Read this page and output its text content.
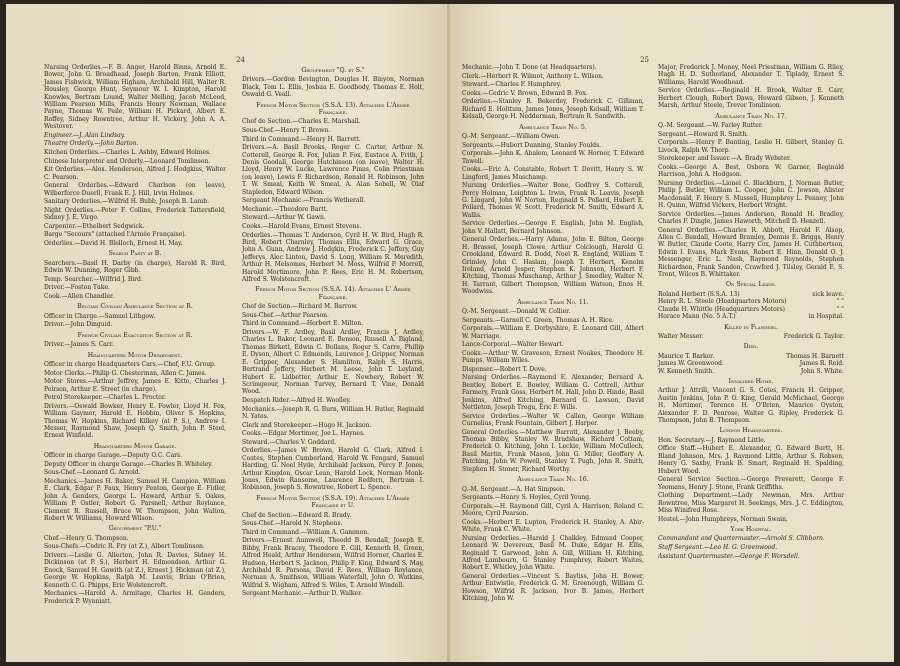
24

Nursing Orderlies.—F. B. Anger, Harold Binns, Arnold E. Bower, John G. Broadhead, Joseph Barton, Frank Elliott, James Fishwick, William Higham, Archibald Hill, Walter R. Housley, George Hunt, Seymour W. I. Kimpton, Harold Knowles, Bertram Lound, Walter Melling, Jacob McLeod, William Pearson Mills, Francis Henry Newman, Wallace Payne, Thomas W. Peile, William H. Pickard, Albert E. Roffey, Sidney Rowntree, Arthur H. Vickery, John A. A. Westover.

Engineer.—J. Alan Lindsay.

Theatre Orderly.—John Barton.

Kitchen Orderlies.—Charles L. Ashby, Edward Holmes.

Chinese Interpreter and Orderly.—Leonard Tomlinson.

Kit Orderlies.—Alex. Henderson, Alfred J. Hodgkiss, Walter C. Pearson.

General Orderlies.—Edward Charlson (on leave), Wilberforce Duerll, Frank E. J. Hill, Irvin Holmes.

Sanitary Orderlies.—Wilfrid H. Bubb, Joseph B. Lamb.

Night Orderlies.—Peter F. Collins, Frederick Tattersfield, Sidney J. E. Virgo.

Carpenter.—Ethelbert Sedgwick.

Barge "Secours" (attached l'Armée Française).

Orderlies.—David H. Blelloch, Ernest H. May.

Search Party at B.

Searchers.—Basil H. Darby (in charge), Harold R. Bird, Edwin W. Dunning, Roger Gibb.

Temp. Searcher.—Wilfrid J. Bird.

Driver.—Foston Tuke.

Cook.—Allen Chandler.

Belgian Civilian Ambulance Section at R.

Officer in Charge.—Samuel Lithgow.

Driver.—John Dinguid.

French Civilian Evacuation Section at R.

Driver.—James S. Carr.

Headquarters Motor Department.

Officer in charge Headquarters Cars.—Chef, F.U. Group.

Motor Clerks.—Philip G. Chesterman, Allen C. James.

Motor Stores.—Arthur Jeffrey, James E. Kitto, Charles J. Peirson, Arthur E. Street (in charge).

Petrol Storekeeper.—Charles L. Proctor.

Drivers.—Oswald Bowker, Henry E. Fowler, Lloyd H. Fox, William Gaymer, Harold E. Hobbin, Oliver S. Hopkins, Thomas W. Hopkins, Richard Kilkey (at P. S.), Andrew I. Messer, Raymond Shaw, Joseph Q. Smith, John P. Steel, Ernest Winfield.

Headquarters Motor Garage.

Officer in charge Garage.—Deputy O.C. Cars.

Deputy Officer in charge Garage.—Charles B. Whiteley.

Sous-Chef.—Leonard G. Arnold.

Mechanics.—James H. Baker, Samuel H. Campion, William E. Clark, Edgar P. Faux, Henry Penton, George E. Fidler, John A. Genders, George L. Haward, Arthur S. Oakes, William P. Ostler, Robert G. Parsnell, Arthur Roylance, Clement R. Russell, Bruce W. Thompson, John Walton, Robert W. Williams, Howard Wilson.

Groupement "P.U."

Chef.—Henry G. Thompson.

Sous-Chefs.—Cedric R. Fry (at Z.), Albert Tomlinson.

Drivers.—Leslie G. Allerton, John R. Davies, Sidney H. Dickinson (at P. S.), Herbert H. Edmondson, Arthur G. Enock, Samuel H. Gawith (at Z.), Ernest J. Hickman (at Z.), George W. Hopkins, Ralph M. Leavis, Brian O'Brien, Kenneth C. G. Phipps, Eric Wolstencroft.

Mechanics.—Harold A. Armitage, Charles H. Genders, Frederick P. Wynniatt.

Groupement "Q. et S."

Drivers.—Gordon Bevington, Douglas H. Binyon, Norman Black, Tom L. Ellis, Joshua E. Goodbody, Thomas E. Holt, Oswald G. Veall.

French Motor Section (S.S.A. 13). Attached L'Armée Française.

Chef de Section.—Charles E. Marshall.

Sous-Chef.—Henry T. Brown.

Third in Command.—Henry H. Barrett.

Drivers.—A. Basil Brooks, Roger C. Carter, Arthur N. Cotterell, George R. Fox, Julian P. Fox, Eustace A. Frith, J. Denis Goodall, George Hutchinson (on leave), Walter H. Lloyd, Henry W. Lucke, Lawrence Pinns, Colin Priestman (on leave), Lewis F. Richardson, Ronald H. Robinson, John T. W. Smeal, Keith W. Smeal, A. Alan Sobell, W. Olaf Stapledon, Edward Wilson.

Sergeant Mechanic.—Francis Wetherall.

Mechanic.—Theodore Bartt.

Steward.—Arthur W. Gawn.

Cooks.—Harold Evans, Ernest Stevens.

Orderlies.—Thomas T. Anderson, Cyril H. W. Bird, Hugh R. Bird, Robert Charnley, Thomas Ellis, Edward G. Grace, John A. Gunn, Andrew J. Hodgkin, Frederick C. Jeffery, Guy Jefferys, Alec Linton, David S. Long, William R. Meredith, Arthur H. Melsomes, Herbert M. Moss, Wilfrid P. Morrell, Harold Mortimore, John P. Rees, Eric H. M. Robertson, Alfred S. Wolstencroft.

French Motor Section (S.S.A. 14). Attached L' Armée Française.

Chef de Section.—Richard M. Barrow.

Sous-Chef.—Arthur Pearson.

Third in Command.—Herbert E. Milton.

Drivers.—W. F. Ardley, Basil Ardley, Francis J. Ardley, Charles L. Baker, Leonard E. Benson, Russell A. Bigland, Thomas Birkett, Edwin C. Bollans, Roger S. Carre, Phillip E. Dyson, Albert C. Edmonds, Laurence J. Gripper, Norman E. Gripper, Alexander S. Hamilton, Ralph S. Harris, Bertrand Jeffery, Herbert M. Leese, John T. Leyland, Hubert E. Lidbetter, Arthur E. Newbery, Robert W. Scrimgeour, Norman Turvey, Bernard T. Vine, Donald Wood.

Despatch Rider.—Alfred H. Woolley.

Mechanics.—Joseph R. G. Burn, William H. Butler, Reginald N. Yates.

Clerk and Storekeeper.—Hugo H. Jackson.

Cooks.—Edgar Mortimer, Joe L. Haynes.

Steward.—Charles V. Goddard.

Orderlies.—James W. Brown, Harold G. Clark, Alfred I. Coates, Stephen Cumberland, Harold W. Fengard, Samuel Harding, G. Noel Hyde, Archibald Jackson, Percy P. Jones, Arthur Kingdon, Oscar Lean, Harold Lock, Norman Monk-Jones, Edwin Ransome, Laurence Redfern, Bertram I. Robinson, Joseph S. Rowntree, Robert L. Spence.

French Motor Section (S.S.A. 19). Attached L'Armée Française et U.

Chef de Section.—Edward R. Brady.

Sous-Chef.—Harold N. Stephens.

Third in Command.—William A. Gammon.

Drivers.—Ernest Aumwell, Theodd B. Bendall, Joseph E. Bibby, Frank Bracey, Theodore E. Gill, Kenneth H. Green, Alfred Heald, Arthur Henderson, Wilfrid Horner, Charles E. Hudson, Herbert S. Jackson, Philip F. King, Edward S. May, Archibald R. Parsons, David F. Rees, William Roylance, Norman A. Smithson, William Waterfall, John O. Watkins, Wilfrid S. Wigham, Alfred S. Wiles, T. Arnold Windell.

Sergeant Mechanic.—Arthur D. Walker.

25

Mechanic.—John T. Done (at Headquarters).

Clerk.—Herbert R. Wilmot, Anthony L. Wilson.

Steward.—Charles F. Humphrey.

Cooks.—Cedric V. Brown, Edward B. Fox.

Orderlies.—Stanley R. Bekerdey, Frederick C. Gillman, Richard E. Holttum, James Jones, Joseph Kelsall, William T. Kelsall, George H. Nedderman, Bertram R. Sandwith.

Ambulance Train No. 5.

Q.-M. Sergeant.—William Owen.

Sergeants.—Hubert Dunning, Stanley Foulds.

Corporals.—John K. Abalem, Leonard W. Horner, T. Edward Tawell.

Cooks.—Eric A. Constable, Robert T. Devitt, Henry S. W. Lingford, James Muschamp.

Nursing Orderlies.—Walter Bone, Godfrey S. Cotterell, Percy Holman, Leighton L. Irwin, Frank R. Leavis, Joseph G. Lingard, John W. Norton, Reginald S. Pollard, Hubert E. Pollard, Thomas W. Scott, Frederick M. Smith, Edward A. Wallis.

Service Orderlies.—George F. English, John M. English, John V. Hallatt, Bernard Johnson.

General Orderlies.—Harry Adams, John E. Bilton, George H. Brassel, Joseph Clowe, Arthur Colclough, Harold G. Crookland, Edward R. Dodd, Noel R. England, William T. Grimley, John C. Haslam, Joseph T. Herbert, Kenelm Ireland, Arnold Jesper, Stephen K. Johnson, Herbert F. Kitching, Thomas Muschamp, Arthur J. Smedley, Walter N. H. Tarrant, Gilbert Thompson, William Watson, Enos H. Woodwiss.

Ambulance Train No. 11.

Q.-M. Sergeant.—Donald W. Collier.

Sergeants.—Garnell C. Green, Thomas A. H. Rice.

Corporals.—William E. Dorbyshire, E. Leonard Gill, Albert W. Marriage.

Lance-Corporal.—Walter Hewart.

Cooks.—Arthur W. Graveson, Ernest Noakes, Theodore H. Pumps, William Wiles.

Dispenser.—Robert T. Dove.

Nursing Orderlies.—Raymond E. Alexander, Bernard A. Bentley, Robert E. Bowley, William G. Cottrell, Arthur Farmery, Frank Goss, Herbert M. Hall, John D. Hinde, Basil Jenkins, Alfred Kitching, Bernard G. Lawson, David Nettleton, Joseph Tregu, Eric F. Wills.

Service Orderlies.—Walter W. Callen, George William Curnelius, Frank Fountain, Gilbert J. Harper.

General Orderlies.—Matthew Barratt, Alexander J. Beeby, Thomas Bibby, Stanley W. Bradshaw, Richard Cottam, Frederick O. Kitching, John I. Leckie, William McCulloch, Basil Martin, Frank Mason, John G. Miller, Geoffery A. Patching, John W. Powell, Stanley T. Pugh, John R. Smith, Stephen H. Stoner, Richard Worthy.

Ambulance Train No. 16.

Q.-M. Sergeant.—A. Hat Simpson.

Sergeants.—Henry S. Hoyles, Cyril Young.

Corporals.—H. Raymond Gill, Cyril A. Harrison, Roland C. Moore, Cyril Pearson.

Cooks.—Herbert E. Lupton, Frederick H. Stanley, A. Abir-White, Frank C. White.

Nursing Orderlies.—Harold J. Chalkley, Edmund Cooper, Leonard W. Devereux, Basil M. Duke, Edgar H. Ellis, Reginald T. Garwood, John A. Gill, William H. Kitching, Alfred Lambourn, G. Stanley Pumphrey, Robert Waites, Robert E. Whitley, John White.

General Orderlies.—Vincent S. Bayliss, John H. Bower, Arthur Entwistle, Frederick G. M. Greenough, William G. Howson, Wilfrid R. Jackson, Ivor B. James, Herbert Kitching, John W.

Major, Frederick J. Money, Noel Priestman, William G. Riley, Hugh H. D. Sutherland, Alexander T. Tiplady, Ernest S. Williams, Harold Woodhead.

Service Orderlies.—Reginald H. Brook, Walter E. Carr, Herbert Clough, Robert Daws, Howard Gibson, J. Kenneth Marsh, Arthur Steele, Trevor Tomlinson.

Ambulance Train No. 17.

Q.-M. Sergeant.—W. Farley Rutter.

Sergeant.—Howard R. Smith.

Corporals.—Henry P. Banting, Leslie H. Gilbert, Stanley G. Livock, Ralph W. Thorp.

Storekeeper and Issuer.—A. Brady Webster.

Cooks.—George A. Best, Osborn W. Garner, Reginald Harrison, John A. Hodgson.

Nursing Orderlies.—Lionel C. Blackburn, J. Norman Butler, Philip J. Butler, William L. Cooper, John C. Jewson, Alister Macdonald, F. Henry S. Mussell, Humphrey L. Penney, John H. Quinn, Wilfrid Vickers, Herbert Wright.

Service Orderlies.—James Anderson, Ronald H. Bradley, Charles F. Dingle, James Haworth, Mitchell D. Henzell.

General Orderlies.—Charles R. Abbott, Harold F. Alsop, Allen C. Bendall, Howard Bramley, Dennis E. Briggs, Henry W. Butler, Claude Coote, Harry Cox, James H. Cuthbertson, Edwin I. Evans, Mark Evans, Robert E. Hinn, Donald O. J. Messenger, Eric L. Nash, Raymond Reynolds, Stephen Richardson, Frank Sandon, Crawford J. Tilsley, Gerald E. S. Trent, Wilcox B. Whittaker.

On Special Leave.

Roland Herbert (S.S.A. 13)	sick leave.
Henry R. L. Steele (Headquarters Motors)	" "
Claude H. Whittle (Headquarters Motors)	" "
Horace Mann (No. 5 A.T.)	in Hospital.

Killed in Flanders.

Walter Messer.	Frederick G. Taylor.

Died.

Maurice T. Barker.	Thomas H. Barnett
James W. Greenwood.	James R. Reid.
W. Kenneth Smith.	John S. White.

Invalided Home.

Arthur J. Attrill, Vincent G. S. Cotes, Francis H. Gripper, Austin Jenkins, John P. O. King, Gerald McMichael, George H. Mortimer, Terence H. O'Brien, Maurice Oyston, Alexander F. D. Penrose, Walter G. Ripley, Frederick G. Thompson, John B. Thompson.

London Headquarters.

Hon. Secretary.—J. Raymond Little.

Office Staff.—Hubert E. Alexander, G. Edward Burtt, H. Bland Johnson, Mrs. J. Raymond Little, Arthur S. Robson, Henry G. Saxby, Frank B. Smart, Reginald H. Spalding, Hubert Wood.

General Service Section.—George Preverett, George F. Yeomans, Henry J. Stone, Frank Griffiths.

Clothing Department.—Lady Newman, Mrs. Arthur Rowntree, Miss Margaret H. Seekings, Mrs. J. C. Eddington, Miss Winifred Rose.

Hostel.—John Humphreys, Norman Swain.

York Hospital.

Commandant and Quartermaster.—Arnold S. Clibborn.

Staff Sergeant.—Leo H. G. Greenwood.

Assistant Quartermaster.—George F. Worsdell.
